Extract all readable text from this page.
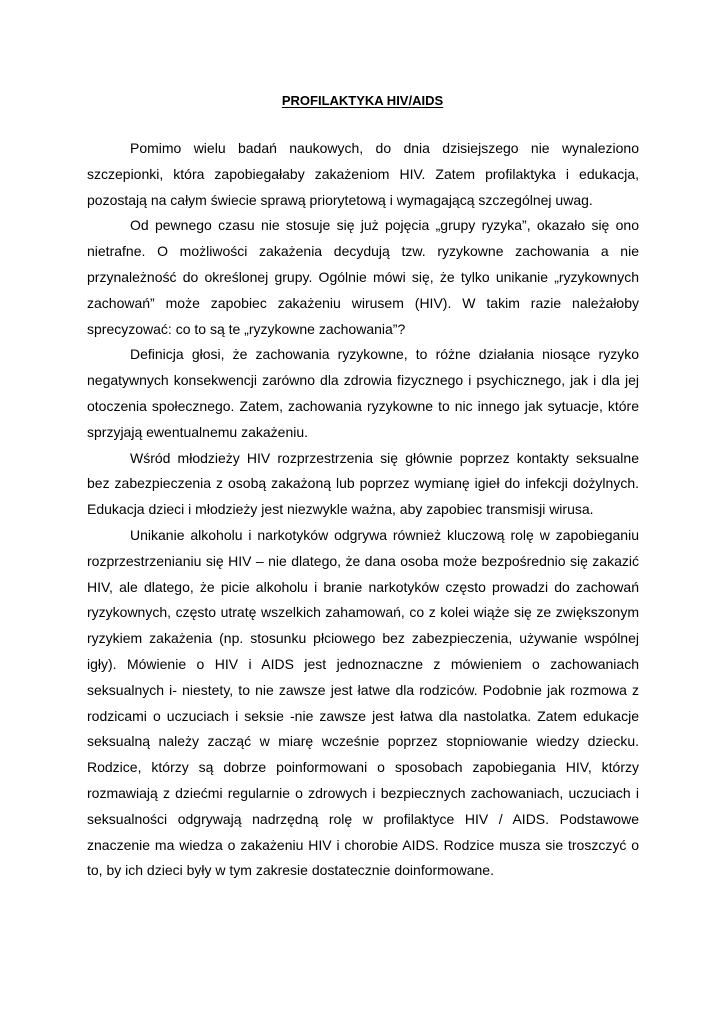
PROFILAKTYKA HIV/AIDS

Pomimo wielu badań naukowych, do dnia dzisiejszego nie wynaleziono szczepionki, która zapobiegałaby zakażeniom HIV. Zatem profilaktyka i edukacja, pozostają na całym świecie sprawą priorytetową i wymagającą szczególnej uwag.

Od pewnego czasu nie stosuje się już pojęcia „grupy ryzyka”, okazało się ono nietrafne. O możliwości zakażenia decydują tzw. ryzykowne zachowania a nie przynależność do określonej grupy. Ogólnie mówi się, że tylko unikanie „ryzykownych zachowań” może zapobiec zakażeniu wirusem (HIV). W takim razie należałoby sprecyzować: co to są te „ryzykowne zachowania”?

Definicja głosi, że zachowania ryzykowne, to różne działania niosące ryzyko negatywnych konsekwencji zarówno dla zdrowia fizycznego i psychicznego, jak i dla jej otoczenia społecznego. Zatem, zachowania ryzykowne to nic innego jak sytuacje, które sprzyjają ewentualnemu zakażeniu.

Wśród młodzieży HIV rozprzestrzenia się głównie poprzez kontakty seksualne bez zabezpieczenia z osobą zakażoną lub poprzez wymianę igieł do infekcji dożylnych. Edukacja dzieci i młodzieży jest niezwykle ważna, aby zapobiec transmisji wirusa.

Unikanie alkoholu i narkotyków odgrywa również kluczową rolę w zapobieganiu rozprzestrzenianiu się HIV – nie dlatego, że dana osoba może bezpośrednio się zakazić HIV, ale dlatego, że picie alkoholu i branie narkotyków często prowadzi do zachowań ryzykownych, często utratę wszelkich zahamowań, co z kolei wiąże się ze zwiększonym ryzykiem zakażenia (np. stosunku płciowego bez zabezpieczenia, używanie wspólnej igły). Mówienie o HIV i AIDS jest jednoznaczne z mówieniem o zachowaniach seksualnych i- niestety, to nie zawsze jest łatwe dla rodziców. Podobnie jak rozmowa z rodzicami o uczuciach i seksie -nie zawsze jest łatwa dla nastolatka. Zatem edukacje seksualną należy zacząć w miarę wcześnie poprzez stopniowanie wiedzy dziecku. Rodzice, którzy są dobrze poinformowani o sposobach zapobiegania HIV, którzy rozmawiają z dziećmi regularnie o zdrowych i bezpiecznych zachowaniach, uczuciach i seksualności odgrywają nadrzędną rolę w profilaktyce HIV / AIDS. Podstawowe znaczenie ma wiedza o zakażeniu HIV i chorobie AIDS. Rodzice musza sie troszczyć o to, by ich dzieci były w tym zakresie dostatecznie doinformowane.
